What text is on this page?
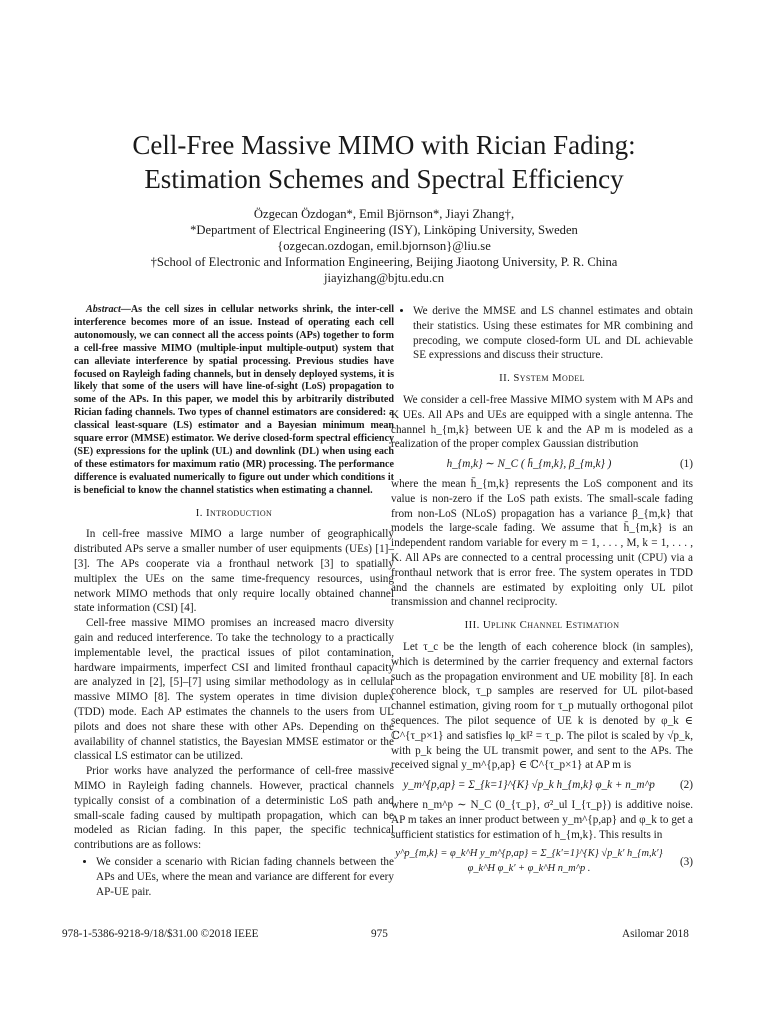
Cell-Free Massive MIMO with Rician Fading:
Estimation Schemes and Spectral Efficiency
Özgecan Özdogan*, Emil Björnson*, Jiayi Zhang†,
*Department of Electrical Engineering (ISY), Linköping University, Sweden
{ozgecan.ozdogan, emil.bjornson}@liu.se
†School of Electronic and Information Engineering, Beijing Jiaotong University, P. R. China
jiayizhang@bjtu.edu.cn

Abstract—As the cell sizes in cellular networks shrink, the inter-cell interference becomes more of an issue. Instead of operating each cell autonomously, we can connect all the access points (APs) together to form a cell-free massive MIMO (multiple-input multiple-output) system that can alleviate interference by spatial processing. Previous studies have focused on Rayleigh fading channels, but in densely deployed systems, it is likely that some of the users will have line-of-sight (LoS) propagation to some of the APs. In this paper, we model this by arbitrarily distributed Rician fading channels. Two types of channel estimators are considered: a classical least-square (LS) estimator and a Bayesian minimum mean square error (MMSE) estimator. We derive closed-form spectral efficiency (SE) expressions for the uplink (UL) and downlink (DL) when using each of these estimators for maximum ratio (MR) processing. The performance difference is evaluated numerically to figure out under which conditions it is beneficial to know the channel statistics when estimating a channel.

I. Introduction

In cell-free massive MIMO a large number of geographically distributed APs serve a smaller number of user equipments (UEs) [1]–[3]. The APs cooperate via a fronthaul network [3] to spatially multiplex the UEs on the same time-frequency resources, using network MIMO methods that only require locally obtained channel state information (CSI) [4].

Cell-free massive MIMO promises an increased macro diversity gain and reduced interference. To take the technology to a practically implementable level, the practical issues of pilot contamination, hardware impairments, imperfect CSI and limited fronthaul capacity are analyzed in [2], [5]–[7] using similar methodology as in cellular massive MIMO [8]. The system operates in time division duplex (TDD) mode. Each AP estimates the channels to the users from UL pilots and does not share these with other APs. Depending on the availability of channel statistics, the Bayesian MMSE estimator or the classical LS estimator can be utilized.

Prior works have analyzed the performance of cell-free massive MIMO in Rayleigh fading channels. However, practical channels typically consist of a combination of a deterministic LoS path and small-scale fading caused by multipath propagation, which can be modeled as Rician fading. In this paper, the specific technical contributions are as follows:

• We consider a scenario with Rician fading channels between the APs and UEs, where the mean and variance are different for every AP-UE pair.
• We derive the MMSE and LS channel estimates and obtain their statistics. Using these estimates for MR combining and precoding, we compute closed-form UL and DL achievable SE expressions and discuss their structure.
II. System Model

We consider a cell-free Massive MIMO system with M APs and K UEs. All APs and UEs are equipped with a single antenna. The channel h_{m,k} between UE k and the AP m is modeled as a realization of the proper complex Gaussian distribution

h_{m,k} ∼ N_C ( h̄_{m,k}, β_{m,k} )	(1)

where the mean h̄_{m,k} represents the LoS component and its value is non-zero if the LoS path exists. The small-scale fading from non-LoS (NLoS) propagation has a variance β_{m,k} that models the large-scale fading. We assume that h̄_{m,k} is an independent random variable for every m = 1, . . . , M, k = 1, . . . , K. All APs are connected to a central processing unit (CPU) via a fronthaul network that is error free. The system operates in TDD and the channels are estimated by exploiting only UL pilot transmission and channel reciprocity.

III. Uplink Channel Estimation

Let τ_c be the length of each coherence block (in samples), which is determined by the carrier frequency and external factors such as the propagation environment and UE mobility [8]. In each coherence block, τ_p samples are reserved for UL pilot-based channel estimation, giving room for τ_p mutually orthogonal pilot sequences. The pilot sequence of UE k is denoted by φ_k ∈ ℂ^{τ_p×1} and satisfies ‖φ_k‖² = τ_p. The pilot is scaled by √p_k, with p_k being the UL transmit power, and sent to the APs. The received signal y_m^{p,ap} ∈ ℂ^{τ_p×1} at AP m is

y_m^{p,ap} = Σ_{k=1}^{K} √p_k h_{m,k} φ_k + n_m^p	(2)

where n_m^p ∼ N_C (0_{τ_p}, σ²_ul I_{τ_p}) is additive noise. AP m takes an inner product between y_m^{p,ap} and φ_k to get a sufficient statistics for estimation of h_{m,k}. This results in

y^p_{m,k} = φ_k^H y_m^{p,ap} = Σ_{k′=1}^{K} √p_k′ h_{m,k′} φ_k^H φ_k′ + φ_k^H n_m^p .
(3)
978-1-5386-9218-9/18/$31.00 ©2018 IEEE	975	Asilomar 2018
